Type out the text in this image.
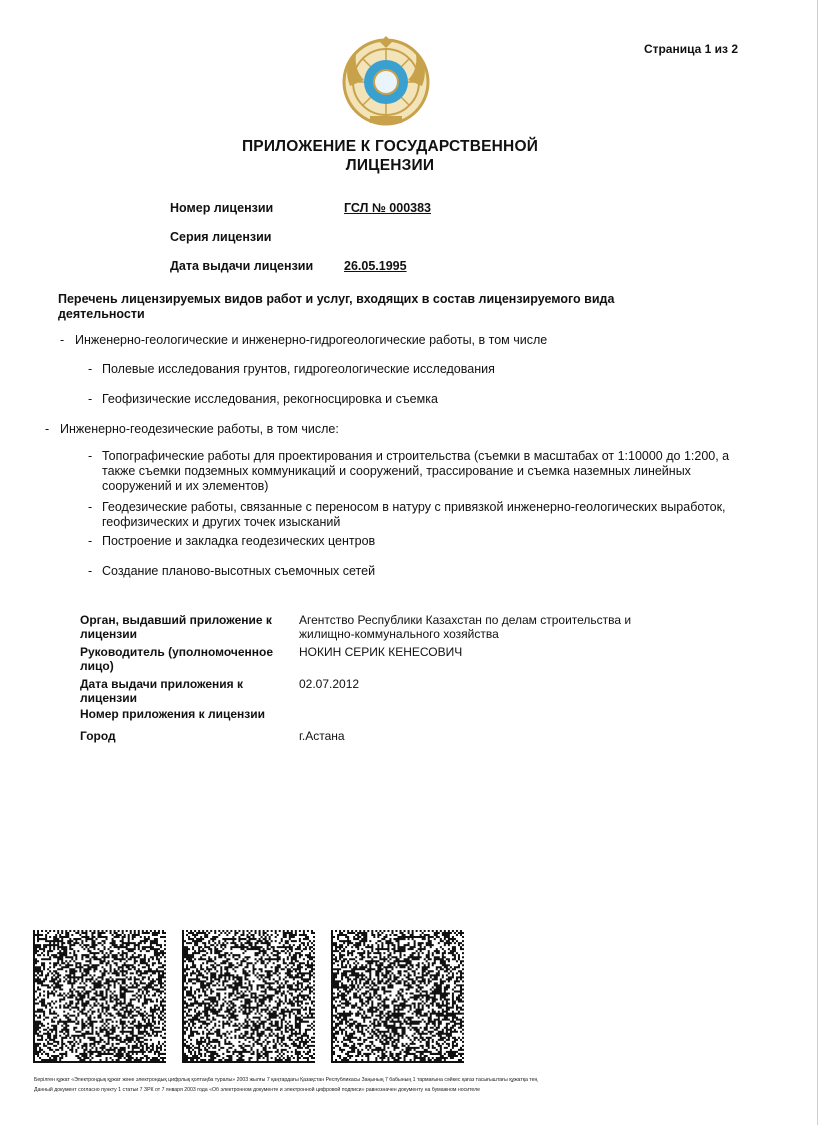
Страница 1 из 2
ПРИЛОЖЕНИЕ К ГОСУДАРСТВЕННОЙ
ЛИЦЕНЗИИ
Номер лицензии	ГСЛ № 000383
Серия лицензии
Дата выдачи лицензии 26.05.1995
Перечень лицензируемых видов работ и услуг, входящих в состав лицензируемого вида деятельности
- Инженерно-геологические и инженерно-гидрогеологические работы, в том числе
- Полевые исследования грунтов, гидрогеологические исследования
- Геофизические исследования, рекогносцировка и съемка
- Инженерно-геодезические работы, в том числе:
- Топографические работы для проектирования и строительства (съемки в масштабах от 1:10000 до 1:200, а также съемки подземных коммуникаций и сооружений, трассирование и съемка наземных линейных сооружений и их элементов)
- Геодезические работы, связанные с переносом в натуру с привязкой инженерно-геологических выработок, геофизических и других точек изысканий
- Построение и закладка геодезических центров
- Создание планово-высотных съемочных сетей
Орган, выдавший приложение к лицензии
Агентство Республики Казахстан по делам строительства и жилищно-коммунального хозяйства
Руководитель (уполномоченное лицо)
НОКИН СЕРИК КЕНЕСОВИЧ
Дата выдачи приложения к лицензии
02.07.2012
Номер приложения к лицензии
Город	г.Астана
Берілген құжат «Электрондық құжат және электрондық цифрлық қолтаңба туралы» 2003 жылғы 7 қаңтардағы Қазақстан Республикасы Заңының 7 бабының 1 тармағына сәйкес қағаз тасығыштағы құжатқа тең
Данный документ согласно пункту 1 статьи 7 ЗРК от 7 января 2003 года «Об электронном документе и электронной цифровой подписи» равнозначен документу на бумажном носителе
